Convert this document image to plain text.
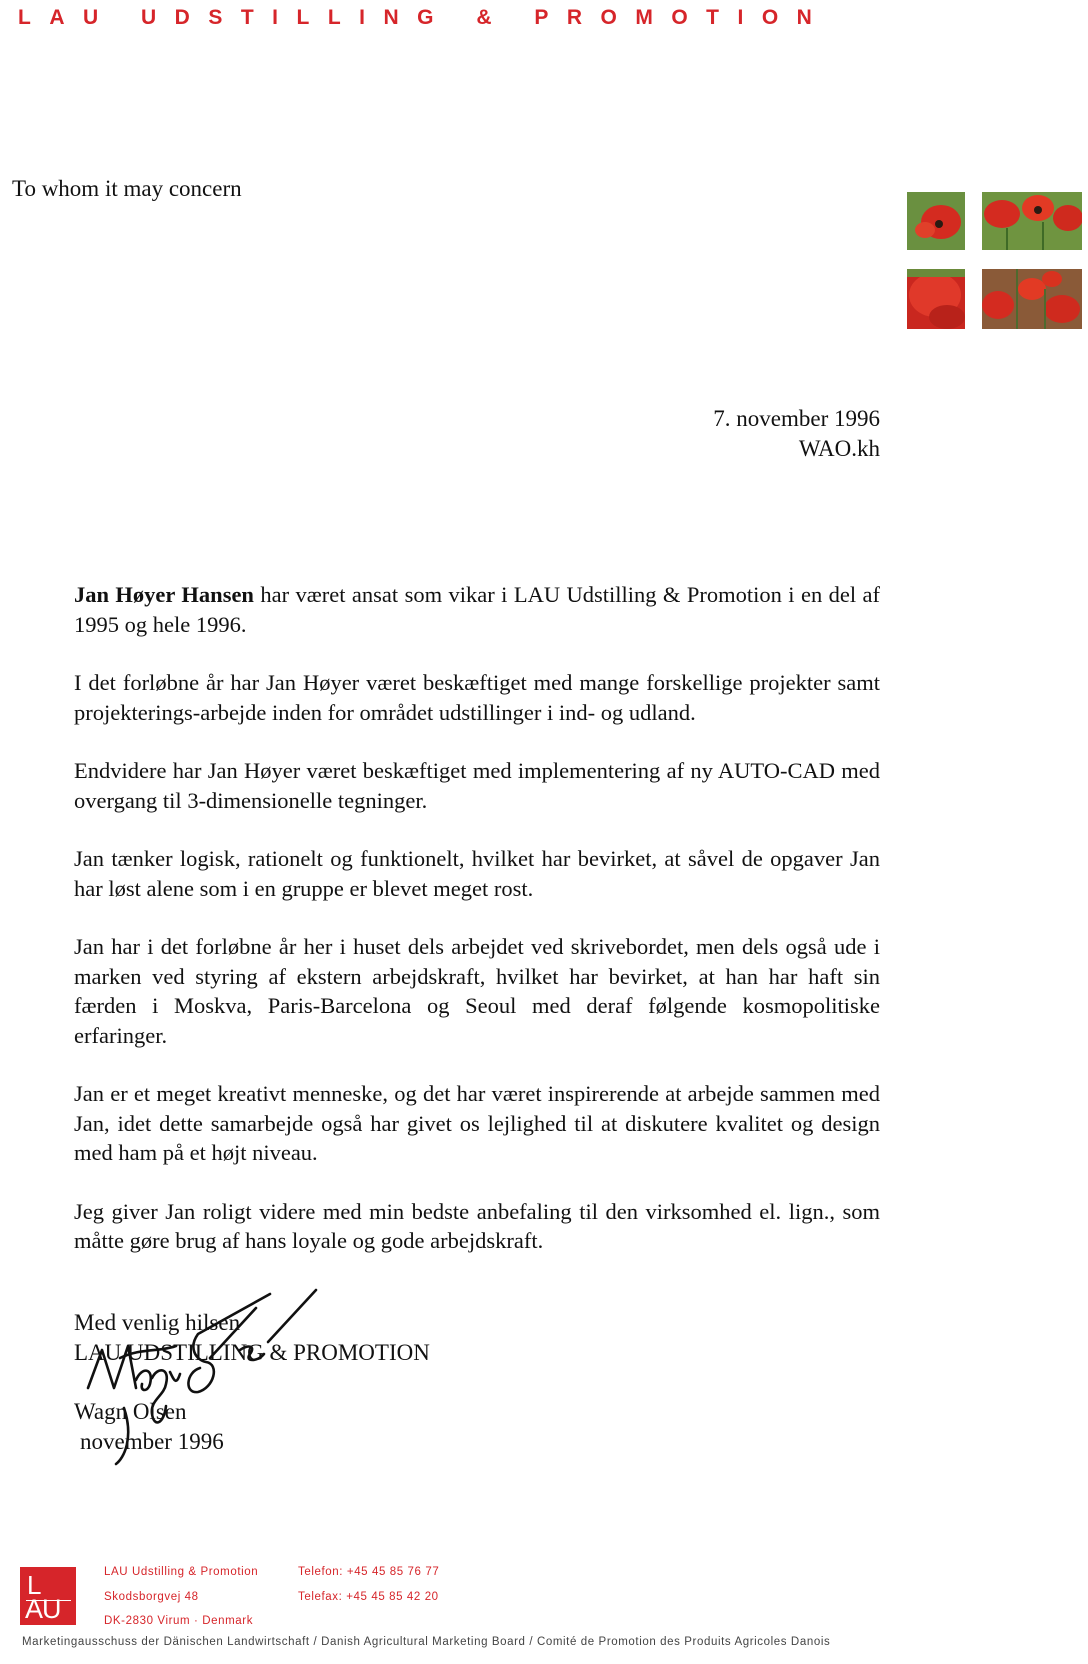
LAU UDSTILLING & PROMOTION
To whom it may concern
7. november 1996
WAO.kh

Jan Høyer Hansen har været ansat som vikar i LAU Udstilling & Promotion i en del af 1995 og hele 1996.

I det forløbne år har Jan Høyer været beskæftiget med mange forskellige projekter samt projekterings-arbejde inden for området udstillinger i ind- og udland.

Endvidere har Jan Høyer været beskæftiget med implementering af ny AUTO-CAD med overgang til 3-dimensionelle tegninger.

Jan tænker logisk, rationelt og funktionelt, hvilket har bevirket, at såvel de opgaver Jan har løst alene som i en gruppe er blevet meget rost.

Jan har i det forløbne år her i huset dels arbejdet ved skrivebordet, men dels også ude i marken ved styring af ekstern arbejdskraft, hvilket har bevirket, at han har haft sin færden i Moskva, Paris-Barcelona og Seoul med deraf følgende kosmopolitiske erfaringer.

Jan er et meget kreativt menneske, og det har været inspirerende at arbejde sammen med Jan, idet dette samarbejde også har givet os lejlighed til at diskutere kvalitet og design med ham på et højt niveau.

Jeg giver Jan roligt videre med min bedste anbefaling til den virksomhed el. lign., som måtte gøre brug af hans loyale og gode arbejdskraft.

Med venlig hilsen
LAU UDSTILLING & PROMOTION
Wagn Olsen
november 1996
L
AU
LAU Udstilling & Promotion
Skodsborgvej 48
DK-2830 Virum · Denmark
Telefon: +45 45 85 76 77
Telefax: +45 45 85 42 20
Marketingausschuss der Dänischen Landwirtschaft / Danish Agricultural Marketing Board / Comité de Promotion des Produits Agricoles Danois
